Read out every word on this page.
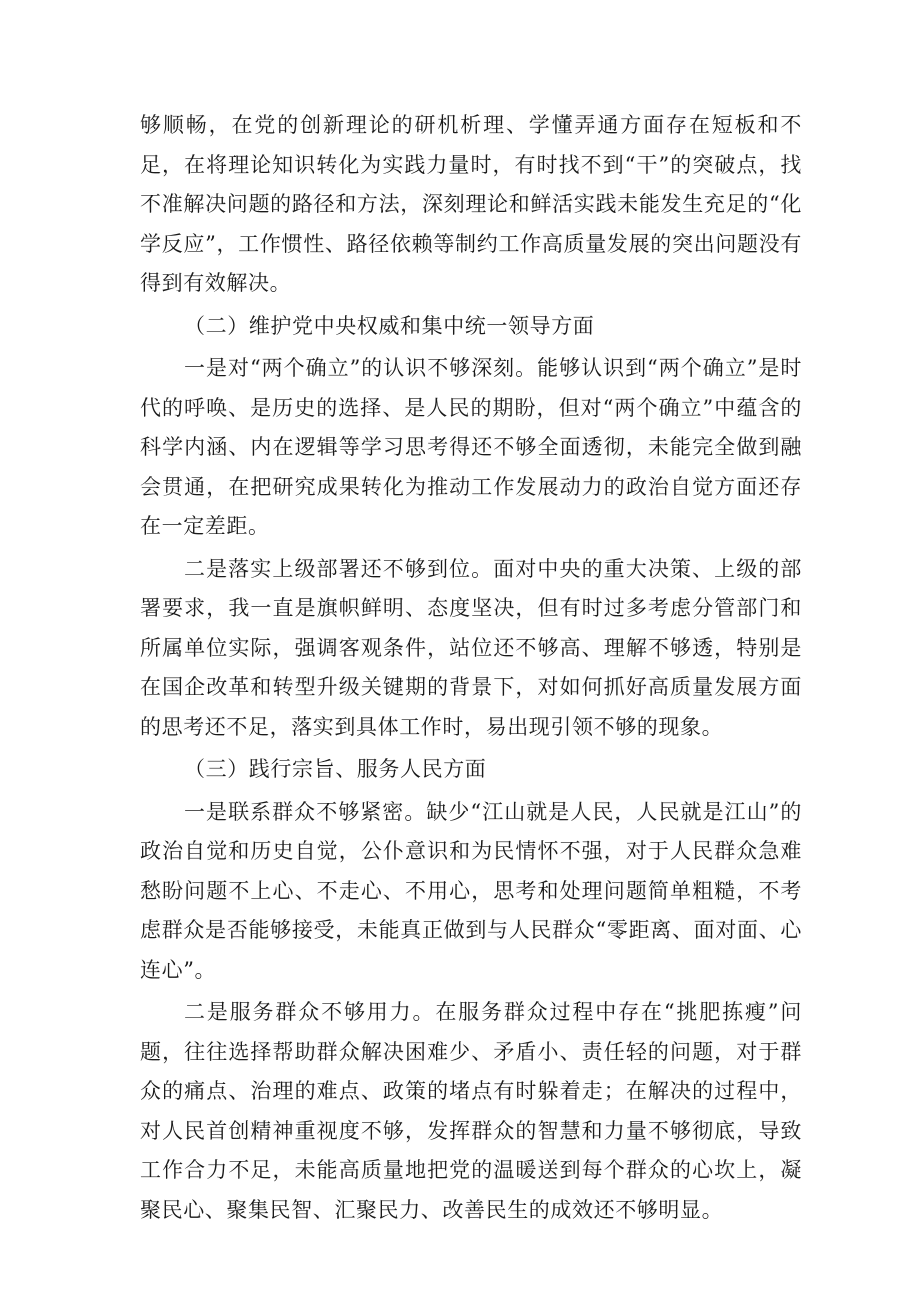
够顺畅，在党的创新理论的研机析理、学懂弄通方面存在短板和不足，在将理论知识转化为实践力量时，有时找不到“干”的突破点，找不准解决问题的路径和方法，深刻理论和鲜活实践未能发生充足的“化学反应”，工作惯性、路径依赖等制约工作高质量发展的突出问题没有得到有效解决。

（二）维护党中央权威和集中统一领导方面

一是对“两个确立”的认识不够深刻。能够认识到“两个确立”是时代的呼唤、是历史的选择、是人民的期盼，但对“两个确立”中蕴含的科学内涵、内在逻辑等学习思考得还不够全面透彻，未能完全做到融会贯通，在把研究成果转化为推动工作发展动力的政治自觉方面还存在一定差距。

二是落实上级部署还不够到位。面对中央的重大决策、上级的部署要求，我一直是旗帜鲜明、态度坚决，但有时过多考虑分管部门和所属单位实际，强调客观条件，站位还不够高、理解不够透，特别是在国企改革和转型升级关键期的背景下，对如何抓好高质量发展方面的思考还不足，落实到具体工作时，易出现引领不够的现象。

（三）践行宗旨、服务人民方面

一是联系群众不够紧密。缺少“江山就是人民，人民就是江山”的政治自觉和历史自觉，公仆意识和为民情怀不强，对于人民群众急难愁盼问题不上心、不走心、不用心，思考和处理问题简单粗糙，不考虑群众是否能够接受，未能真正做到与人民群众“零距离、面对面、心连心”。

二是服务群众不够用力。在服务群众过程中存在“挑肥拣瘦”问题，往往选择帮助群众解决困难少、矛盾小、责任轻的问题，对于群众的痛点、治理的难点、政策的堵点有时躲着走；在解决的过程中，对人民首创精神重视度不够，发挥群众的智慧和力量不够彻底，导致工作合力不足，未能高质量地把党的温暖送到每个群众的心坎上，凝聚民心、聚集民智、汇聚民力、改善民生的成效还不够明显。
